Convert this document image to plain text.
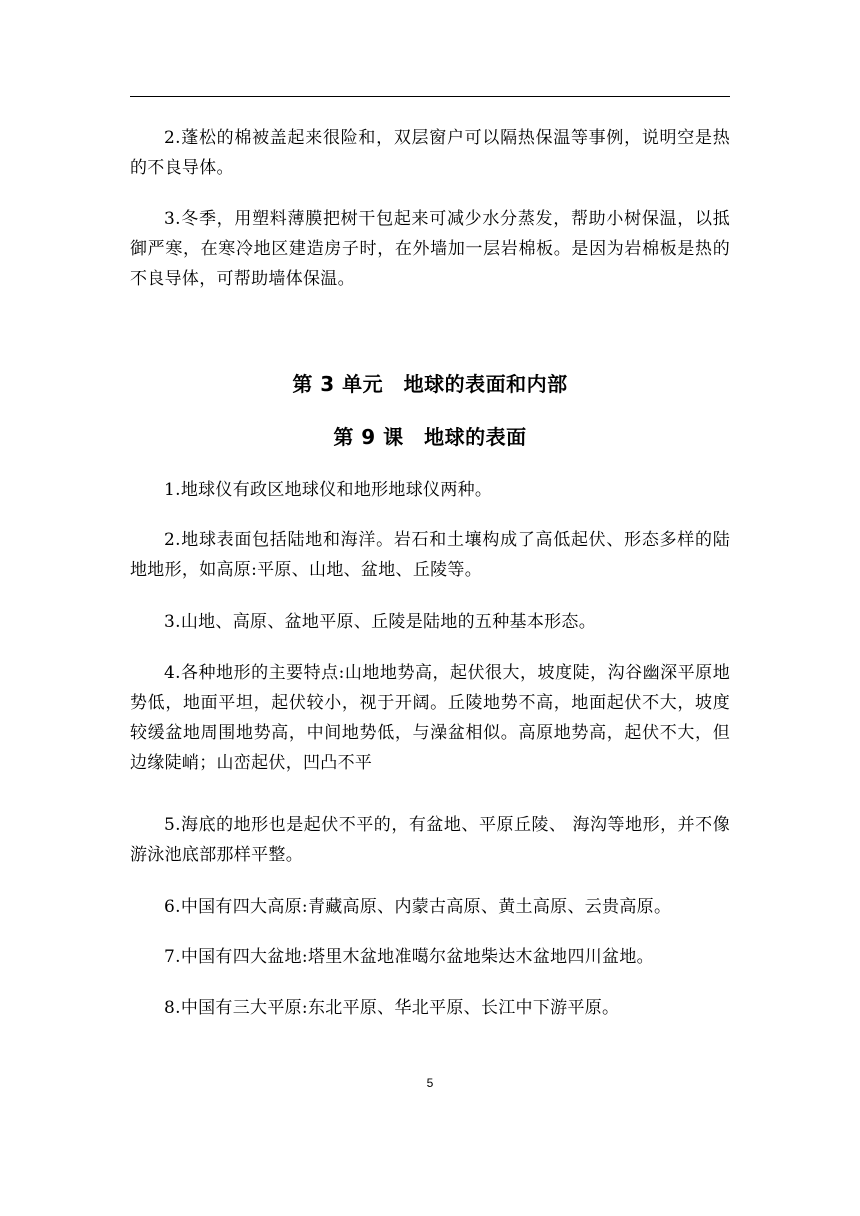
2.蓬松的棉被盖起来很险和，双层窗户可以隔热保温等事例，说明空是热的不良导体。

3.冬季，用塑料薄膜把树干包起来可减少水分蒸发，帮助小树保温，以抵御严寒，在寒冷地区建造房子时，在外墙加一层岩棉板。是因为岩棉板是热的不良导体，可帮助墙体保温。

第 3 单元　地球的表面和内部
第 9 课　地球的表面

1.地球仪有政区地球仪和地形地球仪两种。

2.地球表面包括陆地和海洋。岩石和土壤构成了高低起伏、形态多样的陆地地形，如高原:平原、山地、盆地、丘陵等。

3.山地、高原、盆地平原、丘陵是陆地的五种基本形态。

4.各种地形的主要特点:山地地势高，起伏很大，坡度陡，沟谷幽深平原地势低，地面平坦，起伏较小，视于开阔。丘陵地势不高，地面起伏不大，坡度较缓盆地周围地势高，中间地势低，与澡盆相似。高原地势高，起伏不大，但边缘陡峭；山峦起伏，凹凸不平

5.海底的地形也是起伏不平的，有盆地、平原丘陵、 海沟等地形，并不像游泳池底部那样平整。

6.中国有四大高原:青藏高原、内蒙古高原、黄土高原、云贵高原。

7.中国有四大盆地:塔里木盆地准噶尔盆地柴达木盆地四川盆地。

8.中国有三大平原:东北平原、华北平原、长江中下游平原。

5
